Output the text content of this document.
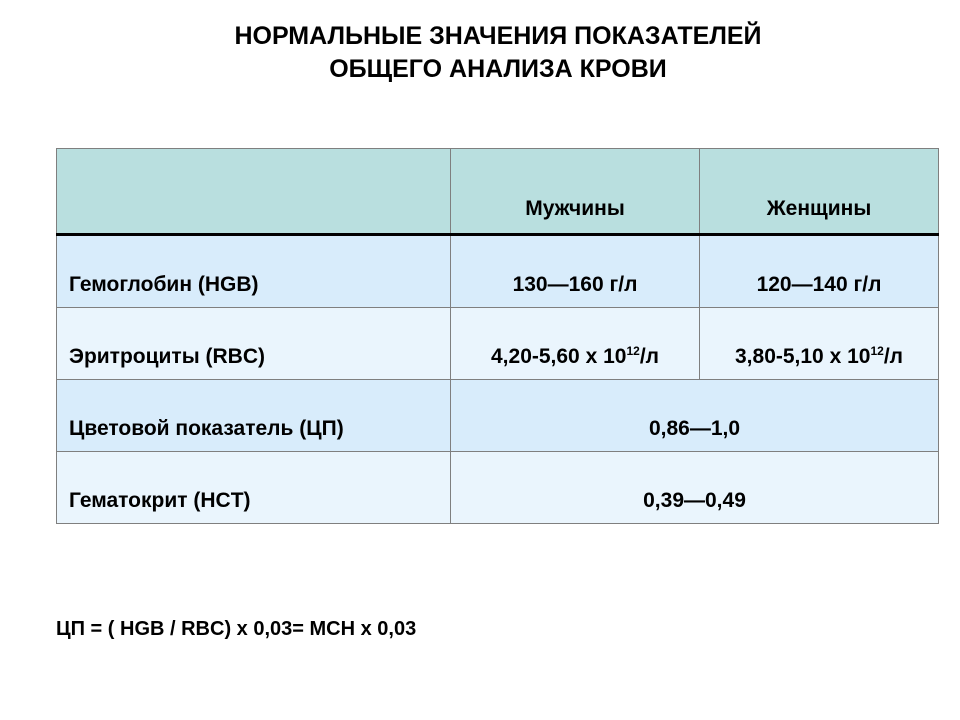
НОРМАЛЬНЫЕ ЗНАЧЕНИЯ ПОКАЗАТЕЛЕЙ
ОБЩЕГО АНАЛИЗА КРОВИ
	Мужчины	Женщины
Гемоглобин (HGB)	130—160 г/л	120—140 г/л
Эритроциты (RBC)	4,20-5,60 х $10^{12}/л$	3,80-5,10 х $10^{12}/л$
Цветовой показатель (ЦП)	0,86—1,0	
Гематокрит (HCT)	0,39—0,49	
ЦП = ( HGB / RBC) х 0,03= MCH х 0,03
